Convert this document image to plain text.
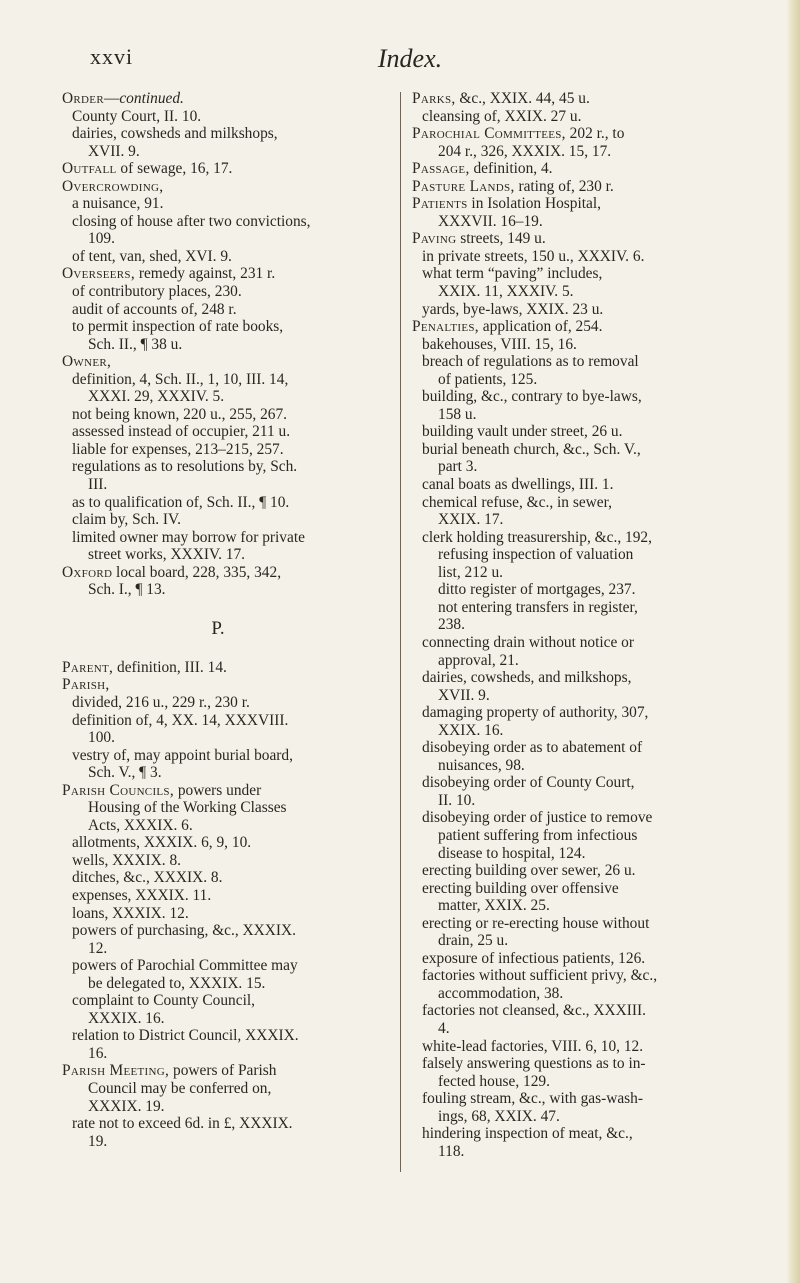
xxvi	Index.
Order—continued.
County Court, II. 10.
dairies, cowsheds and milkshops,
XVII. 9.
Outfall of sewage, 16, 17.
Overcrowding,
a nuisance, 91.
closing of house after two convictions,
109.
of tent, van, shed, XVI. 9.
Overseers, remedy against, 231 r.
of contributory places, 230.
audit of accounts of, 248 r.
to permit inspection of rate books,
Sch. II., ¶ 38 u.
Owner,
definition, 4, Sch. II., 1, 10, III. 14,
XXXI. 29, XXXIV. 5.
not being known, 220 u., 255, 267.
assessed instead of occupier, 211 u.
liable for expenses, 213–215, 257.
regulations as to resolutions by, Sch.
III.
as to qualification of, Sch. II., ¶ 10.
claim by, Sch. IV.
limited owner may borrow for private
street works, XXXIV. 17.
Oxford local board, 228, 335, 342,
Sch. I., ¶ 13.
P.
Parent, definition, III. 14.
Parish,
divided, 216 u., 229 r., 230 r.
definition of, 4, XX. 14, XXXVIII.
100.
vestry of, may appoint burial board,
Sch. V., ¶ 3.
Parish Councils, powers under
Housing of the Working Classes
Acts, XXXIX. 6.
allotments, XXXIX. 6, 9, 10.
wells, XXXIX. 8.
ditches, &c., XXXIX. 8.
expenses, XXXIX. 11.
loans, XXXIX. 12.
powers of purchasing, &c., XXXIX.
12.
powers of Parochial Committee may
be delegated to, XXXIX. 15.
complaint to County Council,
XXXIX. 16.
relation to District Council, XXXIX.
16.
Parish Meeting, powers of Parish
Council may be conferred on,
XXXIX. 19.
rate not to exceed 6d. in £, XXXIX.
19.
Parks, &c., XXIX. 44, 45 u.
cleansing of, XXIX. 27 u.
Parochial Committees, 202 r., to
204 r., 326, XXXIX. 15, 17.
Passage, definition, 4.
Pasture Lands, rating of, 230 r.
Patients in Isolation Hospital,
XXXVII. 16–19.
Paving streets, 149 u.
in private streets, 150 u., XXXIV. 6.
what term “paving” includes,
XXIX. 11, XXXIV. 5.
yards, bye-laws, XXIX. 23 u.
Penalties, application of, 254.
bakehouses, VIII. 15, 16.
breach of regulations as to removal
of patients, 125.
building, &c., contrary to bye-laws,
158 u.
building vault under street, 26 u.
burial beneath church, &c., Sch. V.,
part 3.
canal boats as dwellings, III. 1.
chemical refuse, &c., in sewer,
XXIX. 17.
clerk holding treasurership, &c., 192,
refusing inspection of valuation
list, 212 u.
ditto register of mortgages, 237.
not entering transfers in register,
238.
connecting drain without notice or
approval, 21.
dairies, cowsheds, and milkshops,
XVII. 9.
damaging property of authority, 307,
XXIX. 16.
disobeying order as to abatement of
nuisances, 98.
disobeying order of County Court,
II. 10.
disobeying order of justice to remove
patient suffering from infectious
disease to hospital, 124.
erecting building over sewer, 26 u.
erecting building over offensive
matter, XXIX. 25.
erecting or re-erecting house without
drain, 25 u.
exposure of infectious patients, 126.
factories without sufficient privy, &c.,
accommodation, 38.
factories not cleansed, &c., XXXIII.
4.
white-lead factories, VIII. 6, 10, 12.
falsely answering questions as to in-
fected house, 129.
fouling stream, &c., with gas-wash-
ings, 68, XXIX. 47.
hindering inspection of meat, &c.,
118.
